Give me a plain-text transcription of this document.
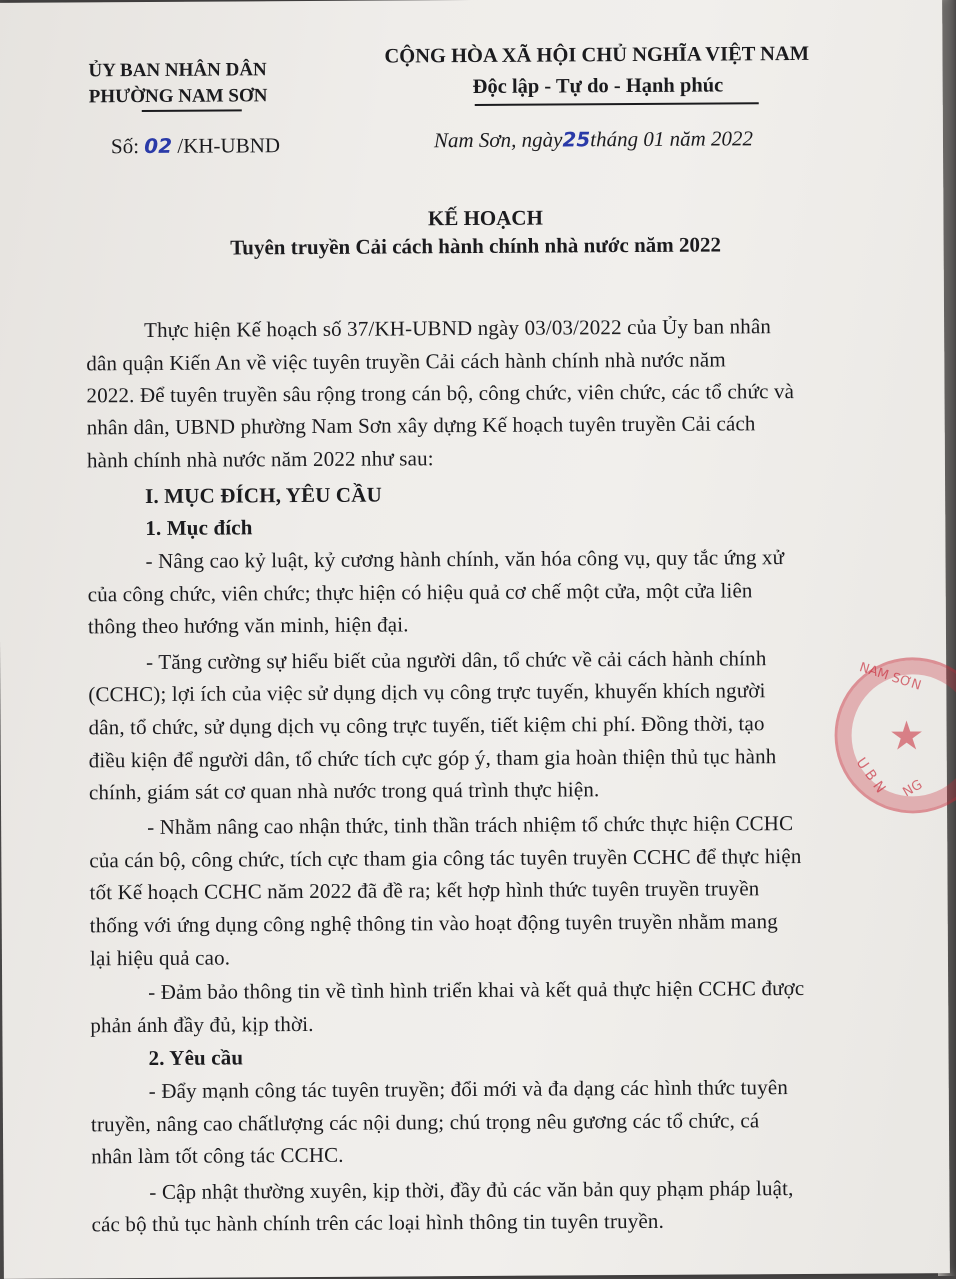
ỦY BAN NHÂN DÂN
PHƯỜNG NAM SƠN
CỘNG HÒA XÃ HỘI CHỦ NGHĨA VIỆT NAM
Độc lập - Tự do - Hạnh phúc
Số: 02 /KH-UBND	Nam Sơn, ngày25tháng 01 năm 2022
KẾ HOẠCH
Tuyên truyền Cải cách hành chính nhà nước năm 2022
Thực hiện Kế hoạch số 37/KH-UBND ngày 03/03/2022 của Ủy ban nhân
dân quận Kiến An về việc tuyên truyền Cải cách hành chính nhà nước năm
2022. Để tuyên truyền sâu rộng trong cán bộ, công chức, viên chức, các tổ chức và
nhân dân, UBND phường Nam Sơn xây dựng Kế hoạch tuyên truyền Cải cách
hành chính nhà nước năm 2022 như sau:
I. MỤC ĐÍCH, YÊU CẦU
1. Mục đích
- Nâng cao kỷ luật, kỷ cương hành chính, văn hóa công vụ, quy tắc ứng xử
của công chức, viên chức; thực hiện có hiệu quả cơ chế một cửa, một cửa liên
thông theo hướng văn minh, hiện đại.
- Tăng cường sự hiểu biết của người dân, tổ chức về cải cách hành chính
(CCHC); lợi ích của việc sử dụng dịch vụ công trực tuyến, khuyến khích người
dân, tổ chức, sử dụng dịch vụ công trực tuyến, tiết kiệm chi phí. Đồng thời, tạo
điều kiện để người dân, tổ chức tích cực góp ý, tham gia hoàn thiện thủ tục hành
chính, giám sát cơ quan nhà nước trong quá trình thực hiện.
- Nhằm nâng cao nhận thức, tinh thần trách nhiệm tổ chức thực hiện CCHC
của cán bộ, công chức, tích cực tham gia công tác tuyên truyền CCHC để thực hiện
tốt Kế hoạch CCHC năm 2022 đã đề ra; kết hợp hình thức tuyên truyền truyền
thống với ứng dụng công nghệ thông tin vào hoạt động tuyên truyền nhằm mang
lại hiệu quả cao.
- Đảm bảo thông tin về tình hình triển khai và kết quả thực hiện CCHC được
phản ánh đầy đủ, kịp thời.
2. Yêu cầu
- Đẩy mạnh công tác tuyên truyền; đổi mới và đa dạng các hình thức tuyên
truyền, nâng cao chấtlượng các nội dung; chú trọng nêu gương các tổ chức, cá
nhân làm tốt công tác CCHC.
- Cập nhật thường xuyên, kịp thời, đầy đủ các văn bản quy phạm pháp luật,
các bộ thủ tục hành chính trên các loại hình thông tin tuyên truyền.
★
NAM SƠN
NG
U B N
